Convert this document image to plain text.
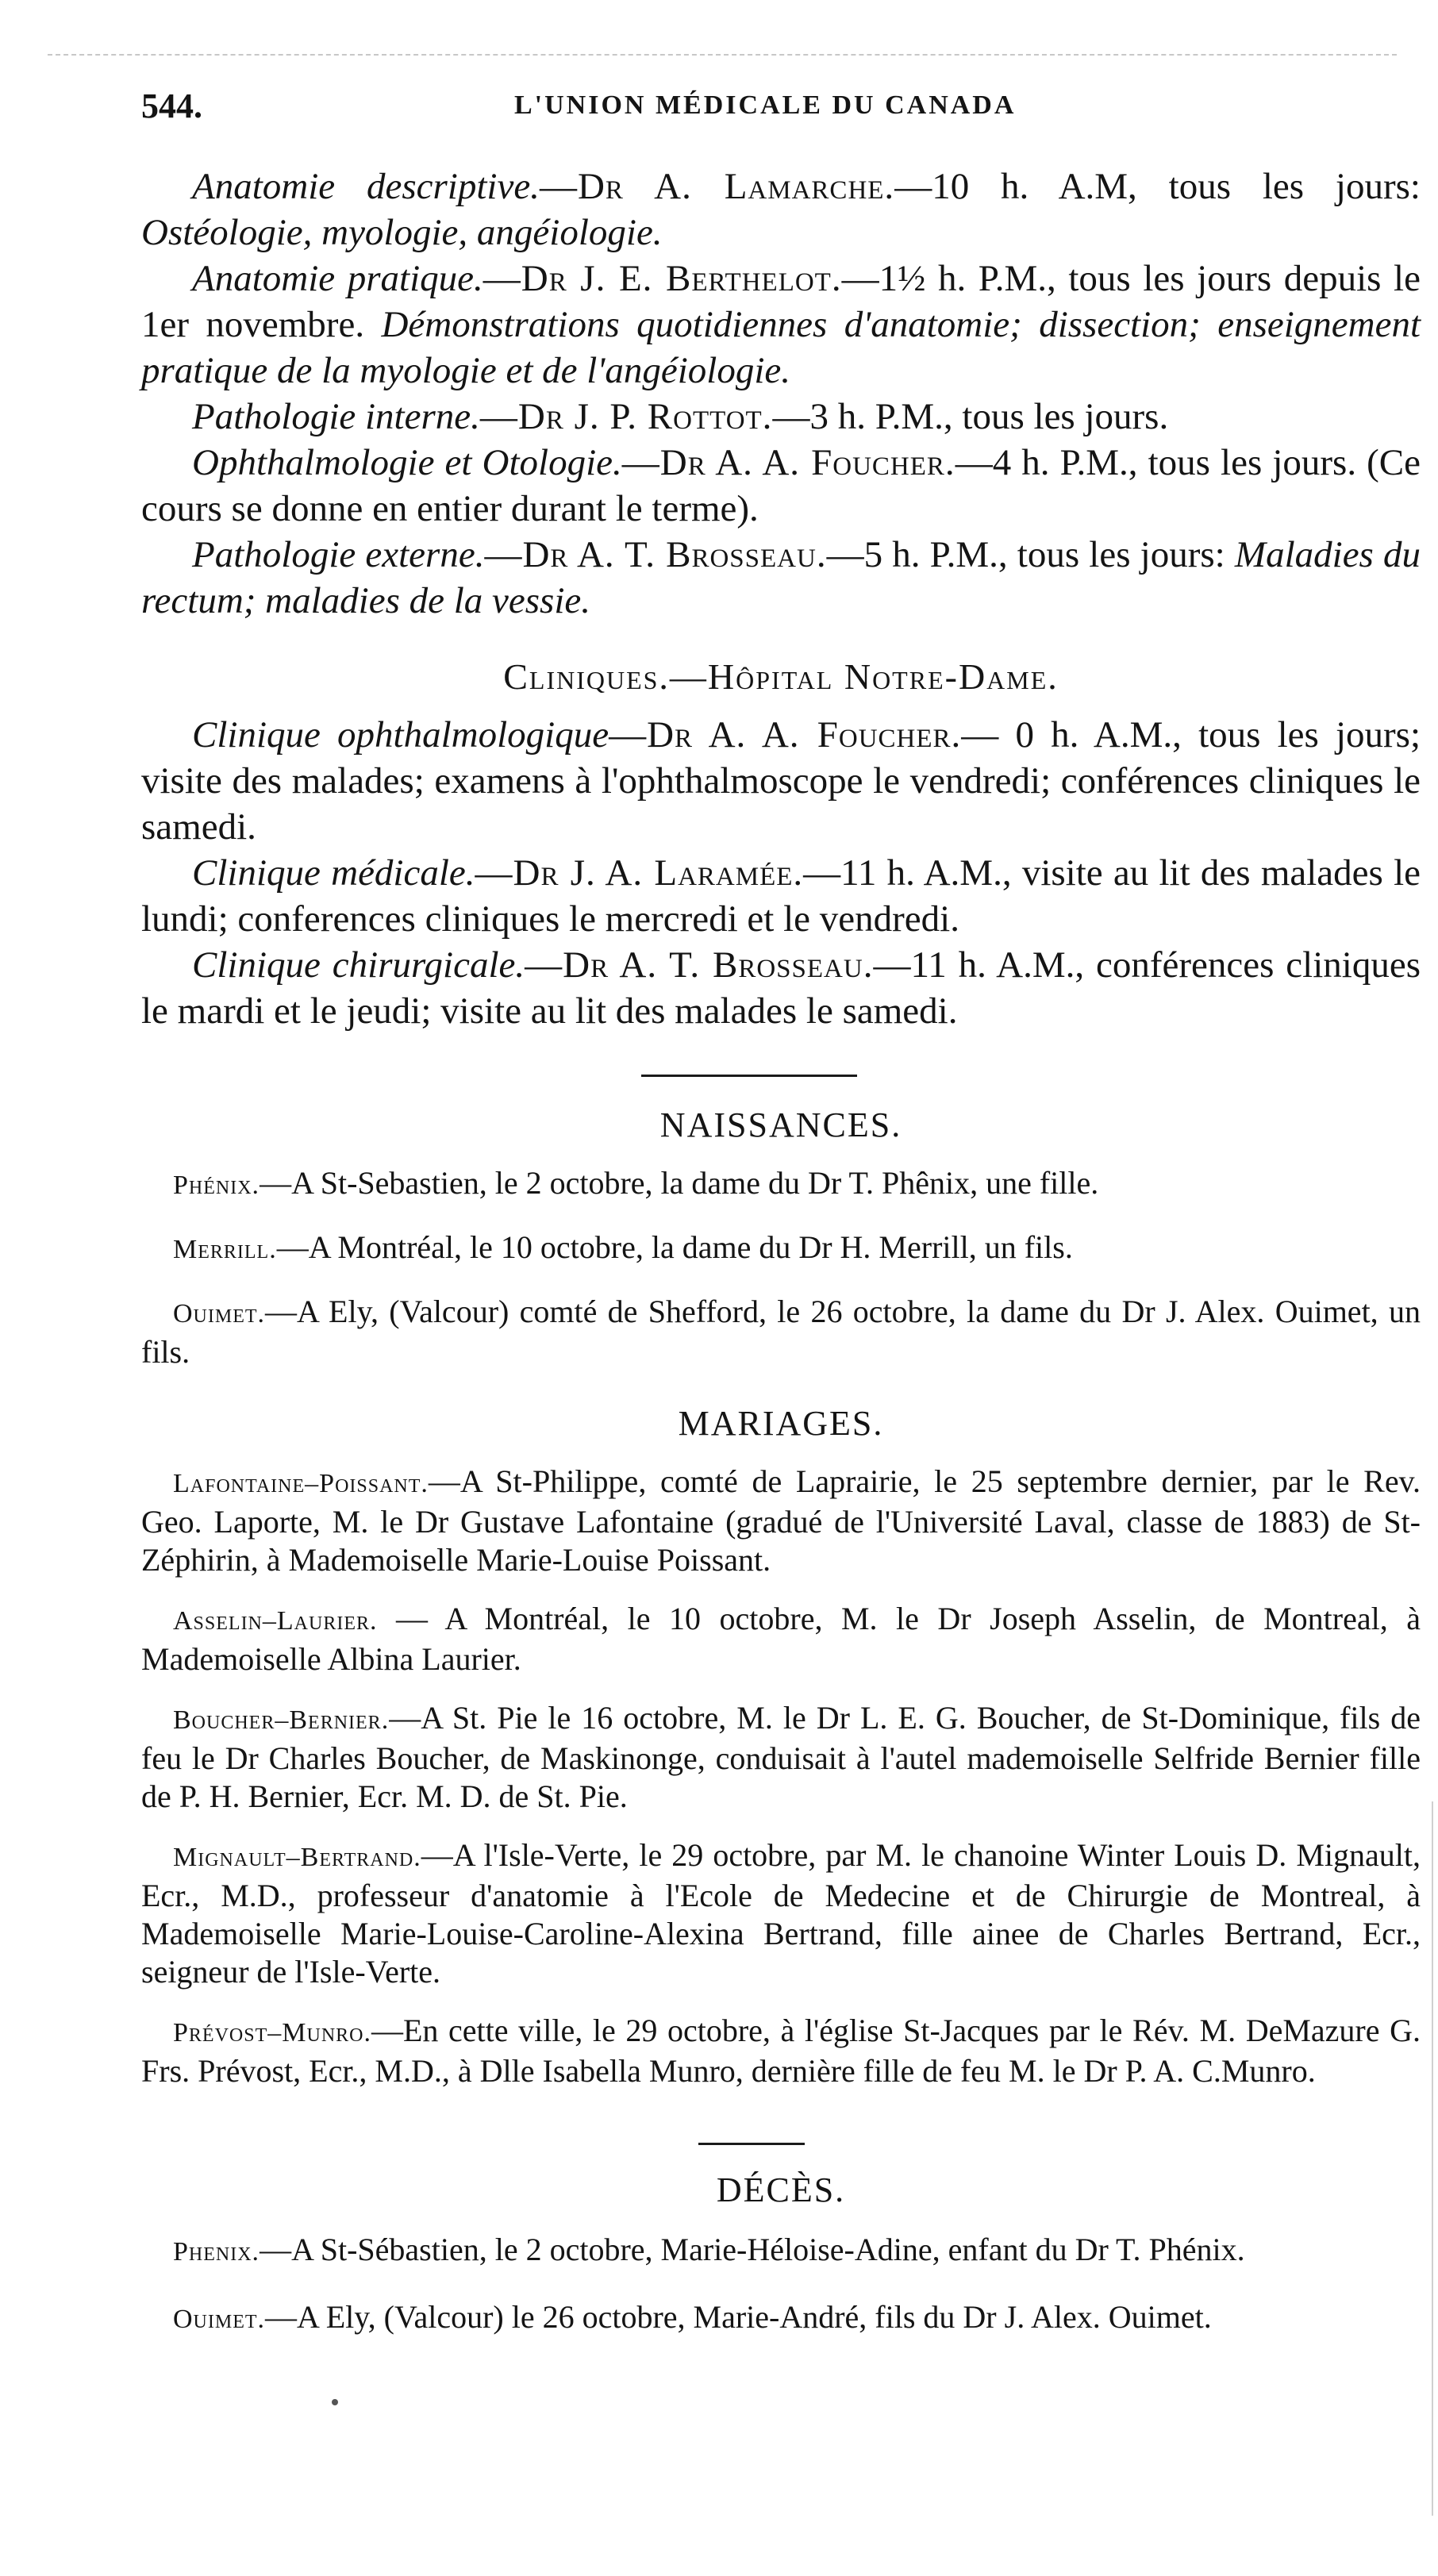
544.	L'UNION MÉDICALE DU CANADA

Anatomie descriptive.—Dr A. Lamarche.—10 h. A.M, tous les jours: Ostéologie, myologie, angéiologie.

Anatomie pratique.—Dr J. E. Berthelot.—1½ h. P.M., tous les jours depuis le 1er novembre. Démonstrations quotidiennes d'anatomie; dissection; enseignement pratique de la myologie et de l'angéiologie.

Pathologie interne.—Dr J. P. Rottot.—3 h. P.M., tous les jours.

Ophthalmologie et Otologie.—Dr A. A. Foucher.—4 h. P.M., tous les jours. (Ce cours se donne en entier durant le terme).

Pathologie externe.—Dr A. T. Brosseau.—5 h. P.M., tous les jours: Maladies du rectum; maladies de la vessie.

Cliniques.—Hôpital Notre-Dame.

Clinique ophthalmologique—Dr A. A. Foucher.— 0 h. A.M., tous les jours; visite des malades; examens à l'ophthalmoscope le vendredi; conférences cliniques le samedi.

Clinique médicale.—Dr J. A. Laramée.—11 h. A.M., visite au lit des malades le lundi; conferences cliniques le mercredi et le vendredi.

Clinique chirurgicale.—Dr A. T. Brosseau.—11 h. A.M., conférences cliniques le mardi et le jeudi; visite au lit des malades le samedi.

NAISSANCES.

Phénix.—A St-Sebastien, le 2 octobre, la dame du Dr T. Phênix, une fille.

Merrill.—A Montréal, le 10 octobre, la dame du Dr H. Merrill, un fils.

Ouimet.—A Ely, (Valcour) comté de Shefford, le 26 octobre, la dame du Dr J. Alex. Ouimet, un fils.

MARIAGES.

Lafontaine–Poissant.—A St-Philippe, comté de Laprairie, le 25 septembre dernier, par le Rev. Geo. Laporte, M. le Dr Gustave Lafontaine (gradué de l'Université Laval, classe de 1883) de St-Zéphirin, à Mademoiselle Marie-Louise Poissant.

Asselin–Laurier. — A Montréal, le 10 octobre, M. le Dr Joseph Asselin, de Montreal, à Mademoiselle Albina Laurier.

Boucher–Bernier.—A St. Pie le 16 octobre, M. le Dr L. E. G. Boucher, de St-Dominique, fils de feu le Dr Charles Boucher, de Maskinonge, conduisait à l'autel mademoiselle Selfride Bernier fille de P. H. Bernier, Ecr. M. D. de St. Pie.

Mignault–Bertrand.—A l'Isle-Verte, le 29 octobre, par M. le chanoine Winter Louis D. Mignault, Ecr., M.D., professeur d'anatomie à l'Ecole de Medecine et de Chirurgie de Montreal, à Mademoiselle Marie-Louise-Caroline-Alexina Bertrand, fille ainee de Charles Bertrand, Ecr., seigneur de l'Isle-Verte.

Prévost–Munro.—En cette ville, le 29 octobre, à l'église St-Jacques par le Rév. M. DeMazure G. Frs. Prévost, Ecr., M.D., à Dlle Isabella Munro, dernière fille de feu M. le Dr P. A. C.Munro.

DÉCÈS.

Phenix.—A St-Sébastien, le 2 octobre, Marie-Héloise-Adine, enfant du Dr T. Phénix.

Ouimet.—A Ely, (Valcour) le 26 octobre, Marie-André, fils du Dr J. Alex. Ouimet.
